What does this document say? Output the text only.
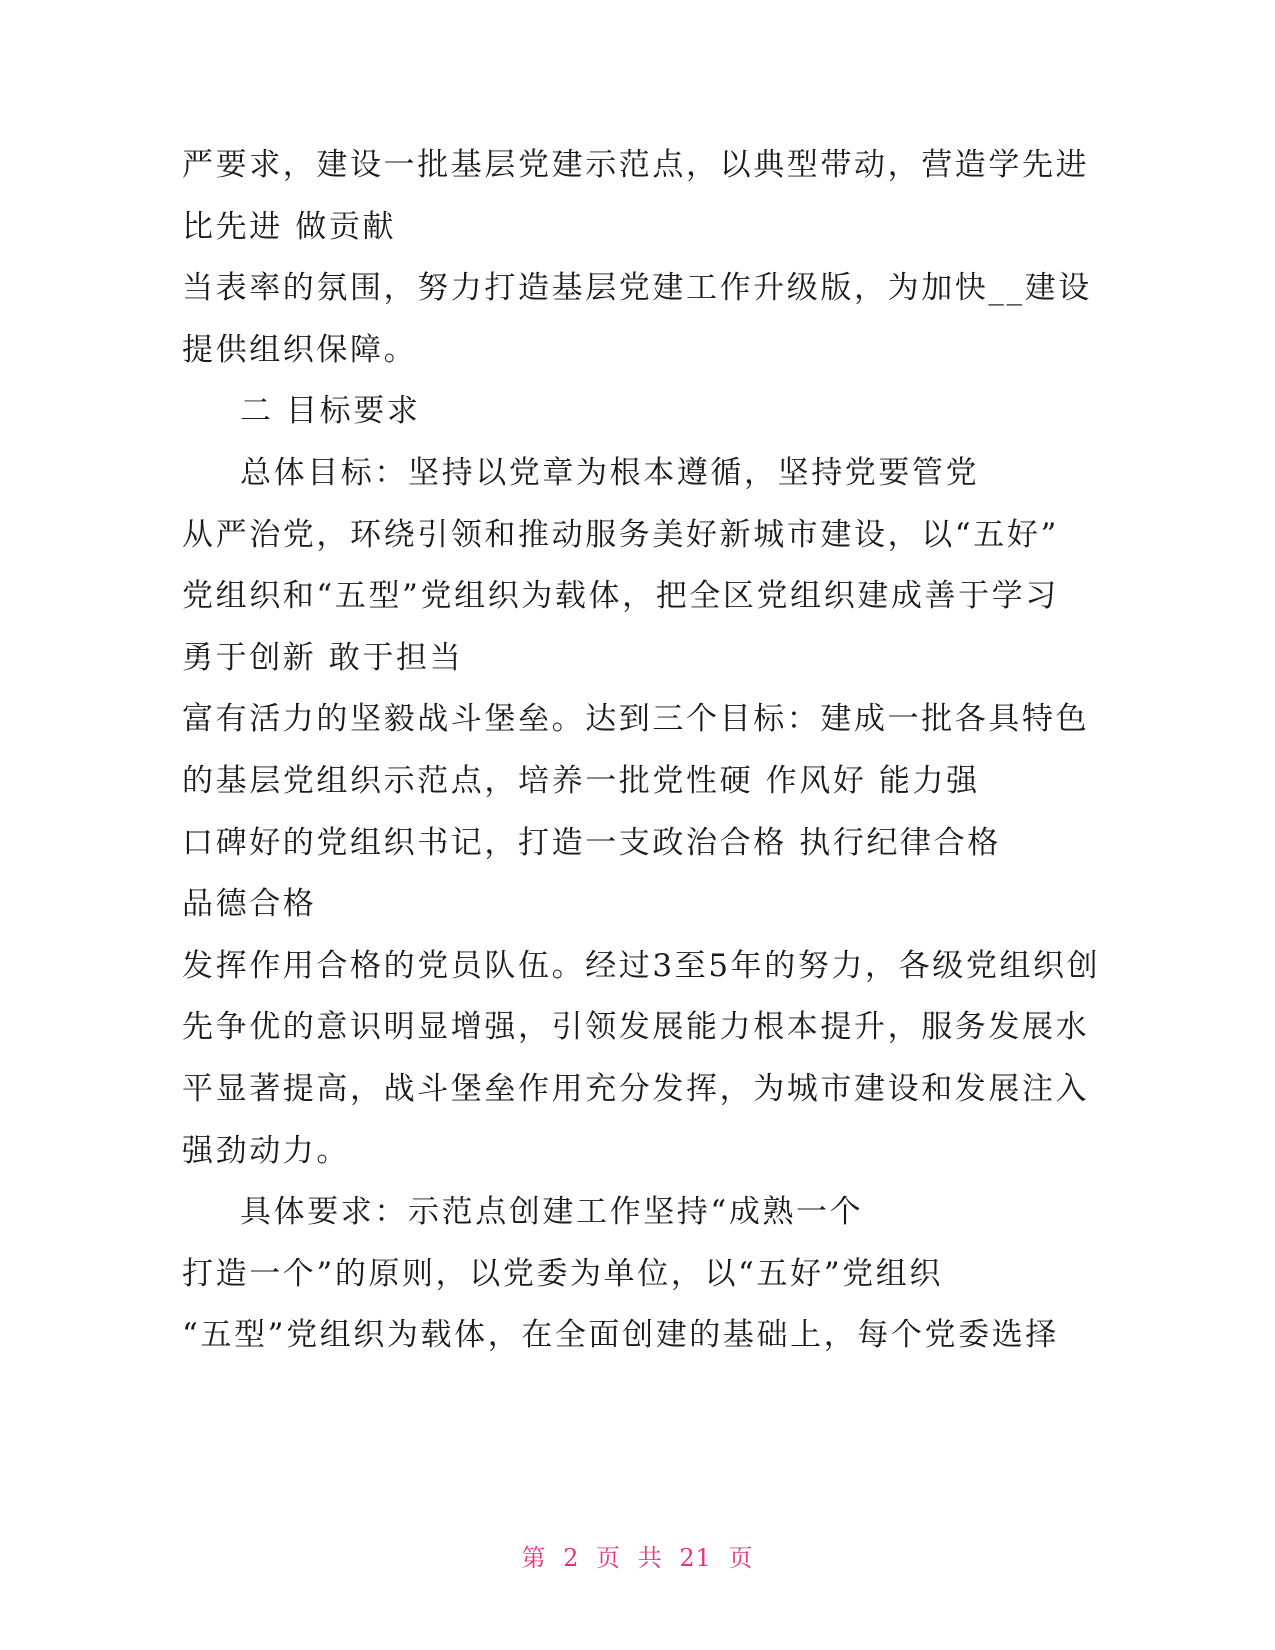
严要求，建设一批基层党建示范点，以典型带动，营造学先进
比先进 做贡献
当表率的氛围，努力打造基层党建工作升级版，为加快__建设
提供组织保障。
二 目标要求
总体目标：坚持以党章为根本遵循，坚持党要管党
从严治党，环绕引领和推动服务美好新城市建设，以“五好”
党组织和“五型”党组织为载体，把全区党组织建成善于学习
勇于创新 敢于担当
富有活力的坚毅战斗堡垒。达到三个目标：建成一批各具特色
的基层党组织示范点，培养一批党性硬 作风好 能力强
口碑好的党组织书记，打造一支政治合格 执行纪律合格
品德合格
发挥作用合格的党员队伍。经过3至5年的努力，各级党组织创
先争优的意识明显增强，引领发展能力根本提升，服务发展水
平显著提高，战斗堡垒作用充分发挥，为城市建设和发展注入
强劲动力。
具体要求：示范点创建工作坚持“成熟一个
打造一个”的原则，以党委为单位，以“五好”党组织
“五型”党组织为载体，在全面创建的基础上，每个党委选择
第 2 页 共 21 页
